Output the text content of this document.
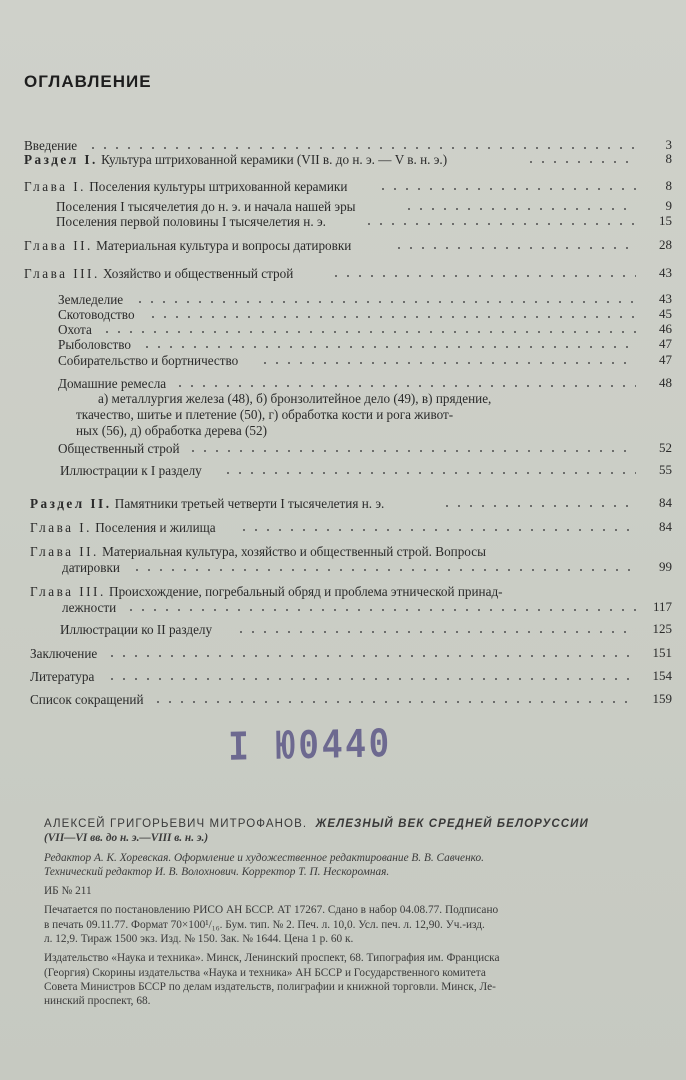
ОГЛАВЛЕНИЕ
Введение	3
Раздел I. Культура штрихованной керамики (VII в. до н. э. — V в. н. э.)	8
Глава I. Поселения культуры штрихованной керамики	8
Поселения I тысячелетия до н. э. и начала нашей эры	9
Поселения первой половины I тысячелетия н. э.	15
Глава II. Материальная культура и вопросы датировки	28
Глава III. Хозяйство и общественный строй	43
Земледелие	43
Скотоводство	45
Охота	46
Рыболовство	47
Собирательство и бортничество	47
Домашние ремесла	48
а) металлургия железа (48), б) бронзолитейное дело (49), в) прядение,
ткачество, шитье и плетение (50), г) обработка кости и рога живот-
ных (56), д) обработка дерева (52)
Общественный строй	52
Иллюстрации к I разделу	55
Раздел II. Памятники третьей четверти I тысячелетия н. э.	84
Глава I. Поселения и жилища	84
Глава II. Материальная культура, хозяйство и общественный строй. Вопросы
датировки	99
Глава III. Происхождение, погребальный обряд и проблема этнической принад-
лежности	117
Иллюстрации ко II разделу	125
Заключение	151
Литература	154
Список сокращений	159
I Ю0440

АЛЕКСЕЙ ГРИГОРЬЕВИЧ МИТРОФАНОВ. ЖЕЛЕЗНЫЙ ВЕК СРЕДНЕЙ БЕЛОРУССИИ

(VII—VI вв. до н. э.—VIII в. н. э.)

Редактор А. К. Хоревская. Оформление и художественное редактирование В. В. Савченко.

Технический редактор И. В. Волохнович. Корректор Т. П. Нескоромная.

ИБ № 211

Печатается по постановлению РИСО АН БССР. АТ 17267. Сдано в набор 04.08.77. Подписано

в печать 09.11.77. Формат 70×100¹/₁₆. Бум. тип. № 2. Печ. л. 10,0. Усл. печ. л. 12,90. Уч.-изд.

л. 12,9. Тираж 1500 экз. Изд. № 150. Зак. № 1644. Цена 1 р. 60 к.

Издательство «Наука и техника». Минск, Ленинский проспект, 68. Типография им. Франциска

(Георгия) Скорины издательства «Наука и техника» АН БССР и Государственного комитета

Совета Министров БССР по делам издательств, полиграфии и книжной торговли. Минск, Ле-

нинский проспект, 68.
